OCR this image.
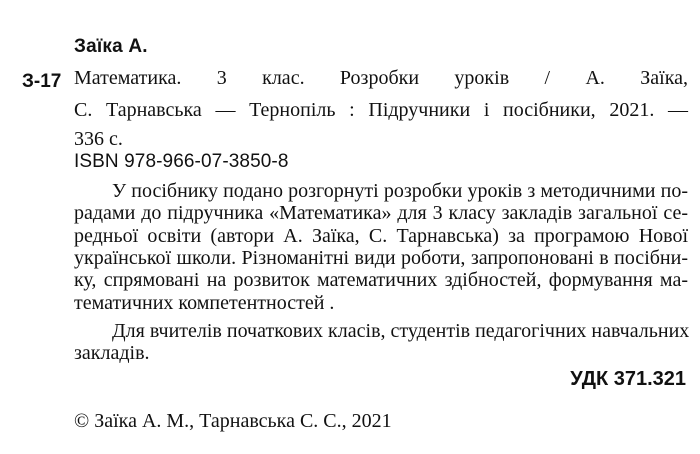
Заїка А.
З-17 Математика. 3 клас. Розробки уроків / А. Заїка,
С. Тарнавська — Тернопіль : Підручники і посібники, 2021. —
336 с.
ISBN 978-966-07-3850-8
У посібнику подано розгорнуті розробки уроків з методичними по-
радами до підручника «Математика» для 3 класу закладів загальної се-
редньої освіти (автори А. Заїка, С. Тарнавська) за програмою Нової
української школи. Різноманітні види роботи, запропоновані в посібни-
ку, спрямовані на розвиток математичних здібностей, формування ма-
тематичних компетентностей .
Для вчителів початкових класів, студентів педагогічних навчальних
закладів.
УДК 371.321
© Заїка А. М., Тарнавська С. С., 2021
